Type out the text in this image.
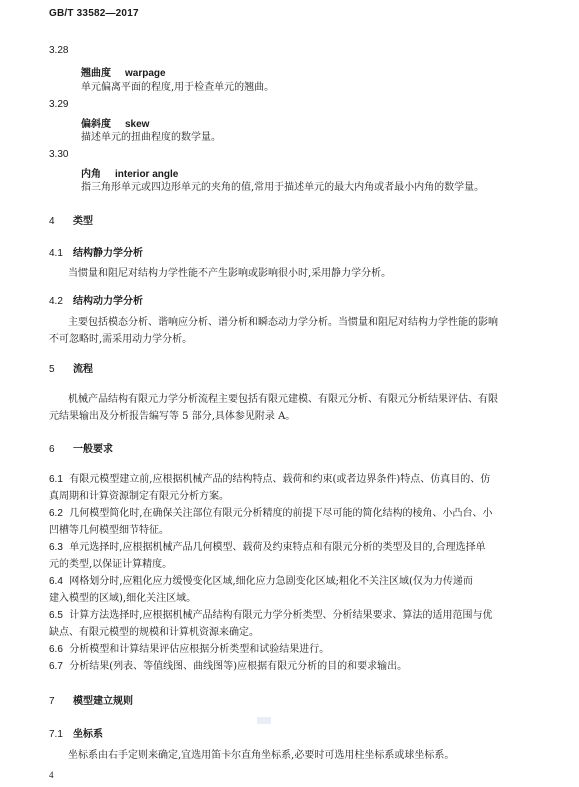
GB/T 33582—2017
3.28
翘曲度 warpage
单元偏离平面的程度,用于检查单元的翘曲。
3.29
偏斜度 skew
描述单元的扭曲程度的数学量。
3.30
内角 interior angle
指三角形单元或四边形单元的夹角的值,常用于描述单元的最大内角或者最小内角的数学量。
4 类型
4.1 结构静力学分析
当惯量和阻尼对结构力学性能不产生影响或影响很小时,采用静力学分析。
4.2 结构动力学分析
主要包括模态分析、谐响应分析、谱分析和瞬态动力学分析。当惯量和阻尼对结构力学性能的影响
不可忽略时,需采用动力学分析。
5 流程
机械产品结构有限元力学分析流程主要包括有限元建模、有限元分析、有限元分析结果评估、有限
元结果输出及分析报告编写等 5 部分,具体参见附录 A。
6 一般要求
6.1 有限元模型建立前,应根据机械产品的结构特点、载荷和约束(或者边界条件)特点、仿真目的、仿
真周期和计算资源制定有限元分析方案。
6.2 几何模型简化时,在确保关注部位有限元分析精度的前提下尽可能的简化结构的棱角、小凸台、小
凹槽等几何模型细节特征。
6.3 单元选择时,应根据机械产品几何模型、载荷及约束特点和有限元分析的类型及目的,合理选择单
元的类型,以保证计算精度。
6.4 网格划分时,应粗化应力缓慢变化区域,细化应力急剧变化区域;粗化不关注区域(仅为力传递而
建入模型的区域),细化关注区域。
6.5 计算方法选择时,应根据机械产品结构有限元力学分析类型、分析结果要求、算法的适用范围与优
缺点、有限元模型的规模和计算机资源来确定。
6.6 分析模型和计算结果评估应根据分析类型和试验结果进行。
6.7 分析结果(列表、等值线图、曲线图等)应根据有限元分析的目的和要求输出。
7 模型建立规则
7.1 坐标系
坐标系由右手定则来确定,宜选用笛卡尔直角坐标系,必要时可选用柱坐标系或球坐标系。
4
